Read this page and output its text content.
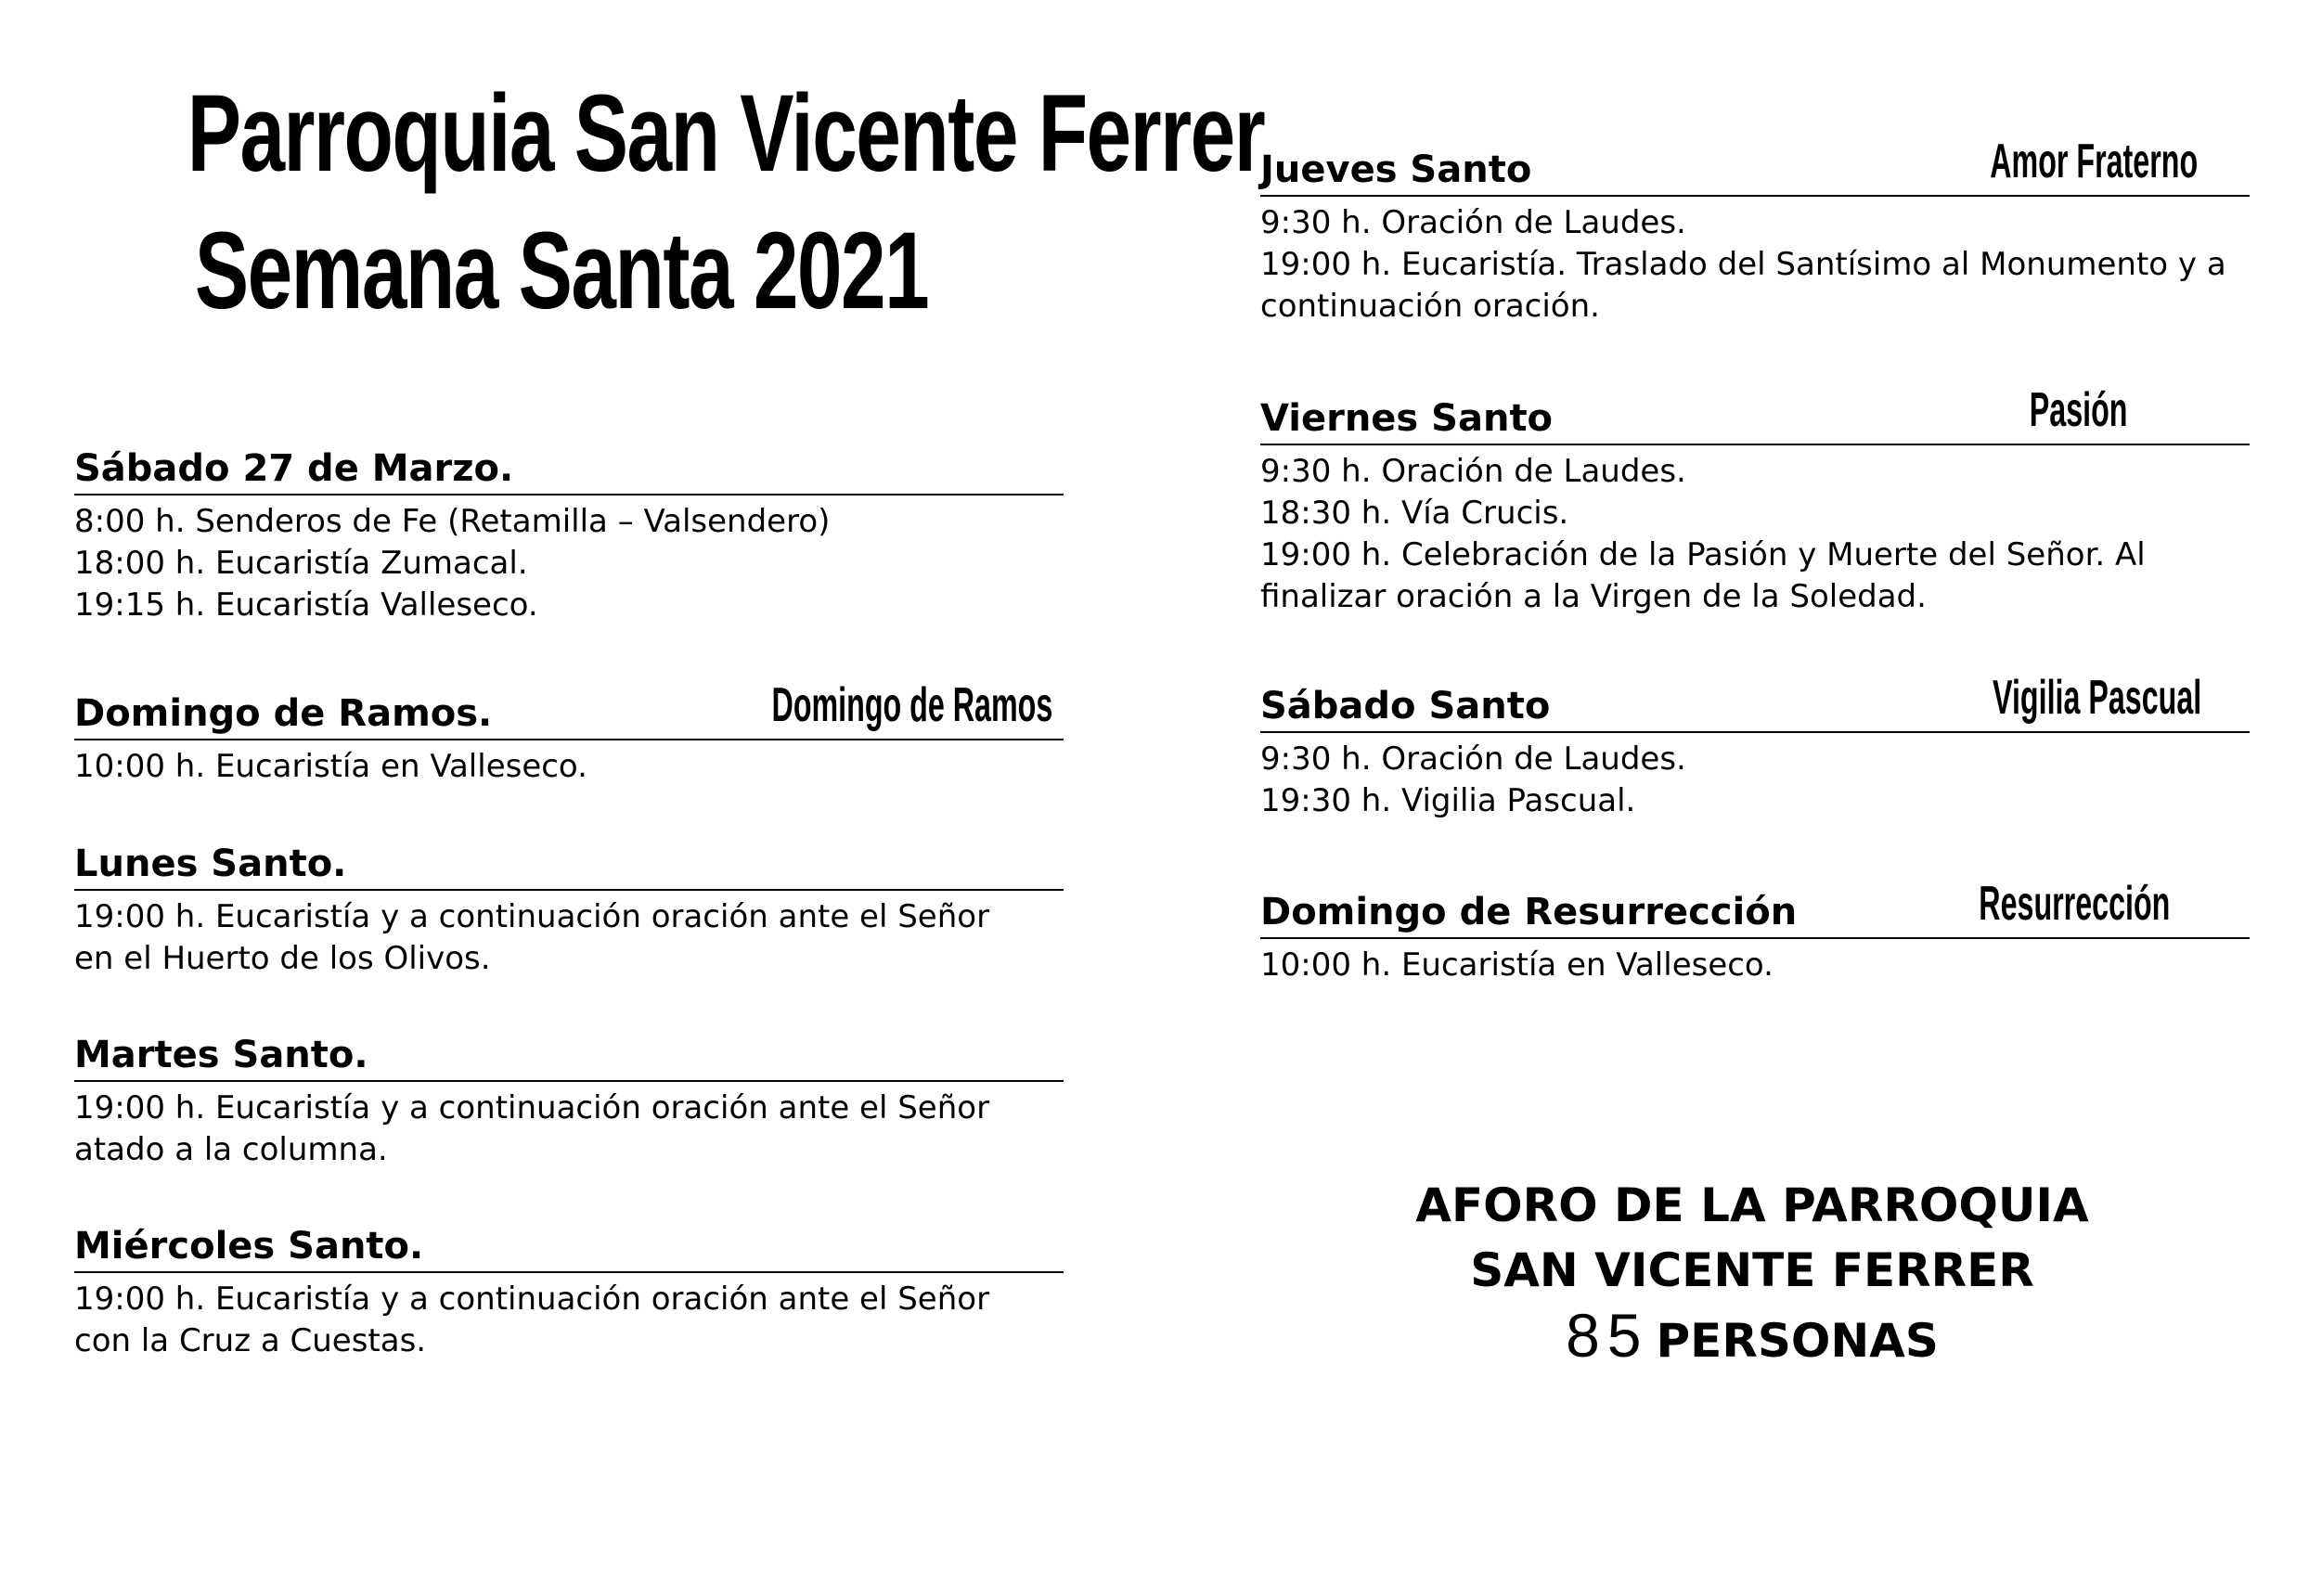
Parroquia San Vicente Ferrer
Semana Santa 2021
Sábado 27 de Marzo.
8:00 h. Senderos de Fe (Retamilla – Valsendero)
18:00 h. Eucaristía Zumacal.
19:15 h. Eucaristía Valleseco.
Domingo de Ramos.	Domingo de Ramos
10:00 h. Eucaristía en Valleseco.
Lunes Santo.
19:00 h. Eucaristía y a continuación oración ante el Señor
en el Huerto de los Olivos.
Martes Santo.
19:00 h. Eucaristía y a continuación oración ante el Señor
atado a la columna.
Miércoles Santo.
19:00 h. Eucaristía y a continuación oración ante el Señor
con la Cruz a Cuestas.
Jueves Santo	Amor Fraterno
9:30 h. Oración de Laudes.
19:00 h. Eucaristía. Traslado del Santísimo al Monumento y a
continuación oración.
Viernes Santo	Pasión
9:30 h. Oración de Laudes.
18:30 h. Vía Crucis.
19:00 h. Celebración de la Pasión y Muerte del Señor. Al
finalizar oración a la Virgen de la Soledad.
Sábado Santo	Vigilia Pascual
9:30 h. Oración de Laudes.
19:30 h. Vigilia Pascual.
Domingo de Resurrección	Resurrección
10:00 h. Eucaristía en Valleseco.
AFORO DE LA PARROQUIA
SAN VICENTE FERRER
85 PERSONAS
